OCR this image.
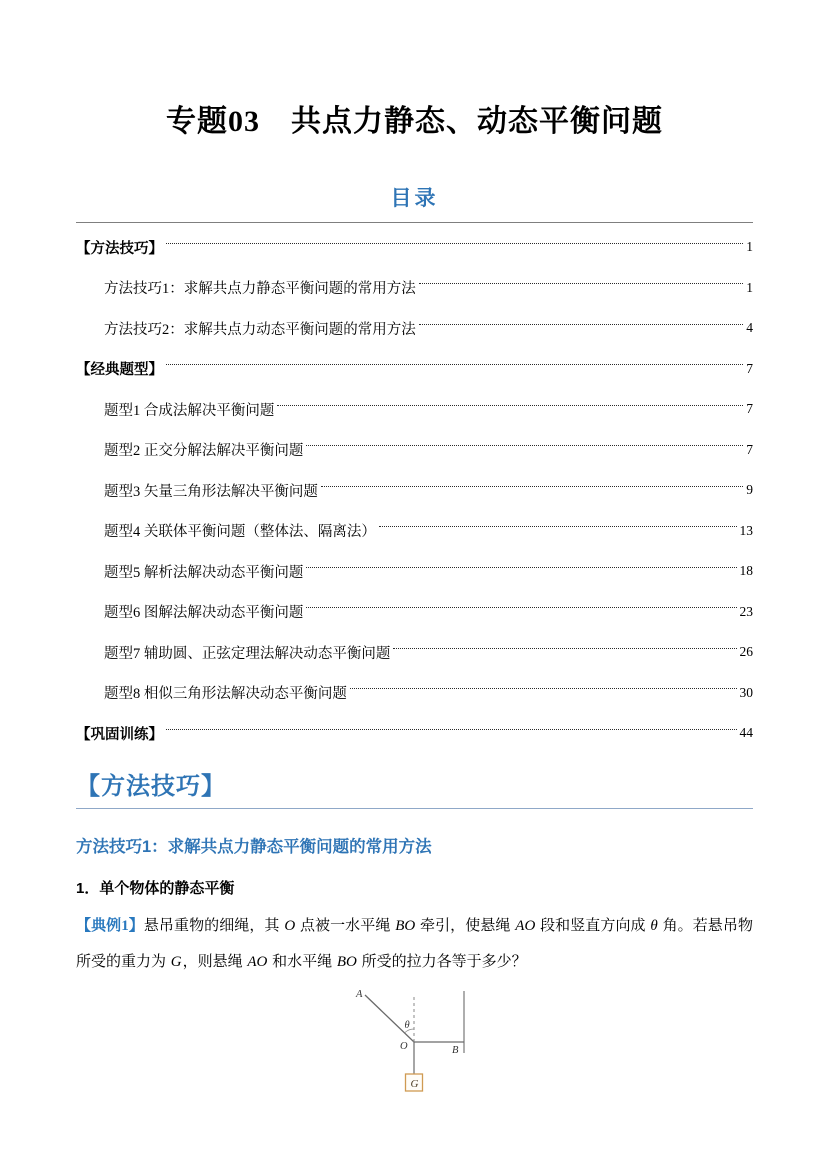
专题03　共点力静态、动态平衡问题
目录
【方法技巧】	1
方法技巧1：求解共点力静态平衡问题的常用方法	1
方法技巧2：求解共点力动态平衡问题的常用方法	4
【经典题型】	7
题型1 合成法解决平衡问题	7
题型2 正交分解法解决平衡问题	7
题型3 矢量三角形法解决平衡问题	9
题型4 关联体平衡问题（整体法、隔离法）	13
题型5 解析法解决动态平衡问题	18
题型6 图解法解决动态平衡问题	23
题型7 辅助圆、正弦定理法解决动态平衡问题	26
题型8 相似三角形法解决动态平衡问题	30
【巩固训练】	44
【方法技巧】
方法技巧1：求解共点力静态平衡问题的常用方法
1．单个物体的静态平衡

【典例1】悬吊重物的细绳，其 O 点被一水平绳 BO 牵引，使悬绳 AO 段和竖直方向成 θ 角。若悬吊物所受的重力为 G，则悬绳 AO 和水平绳 BO 所受的拉力各等于多少？

A
O	B
θ
G
